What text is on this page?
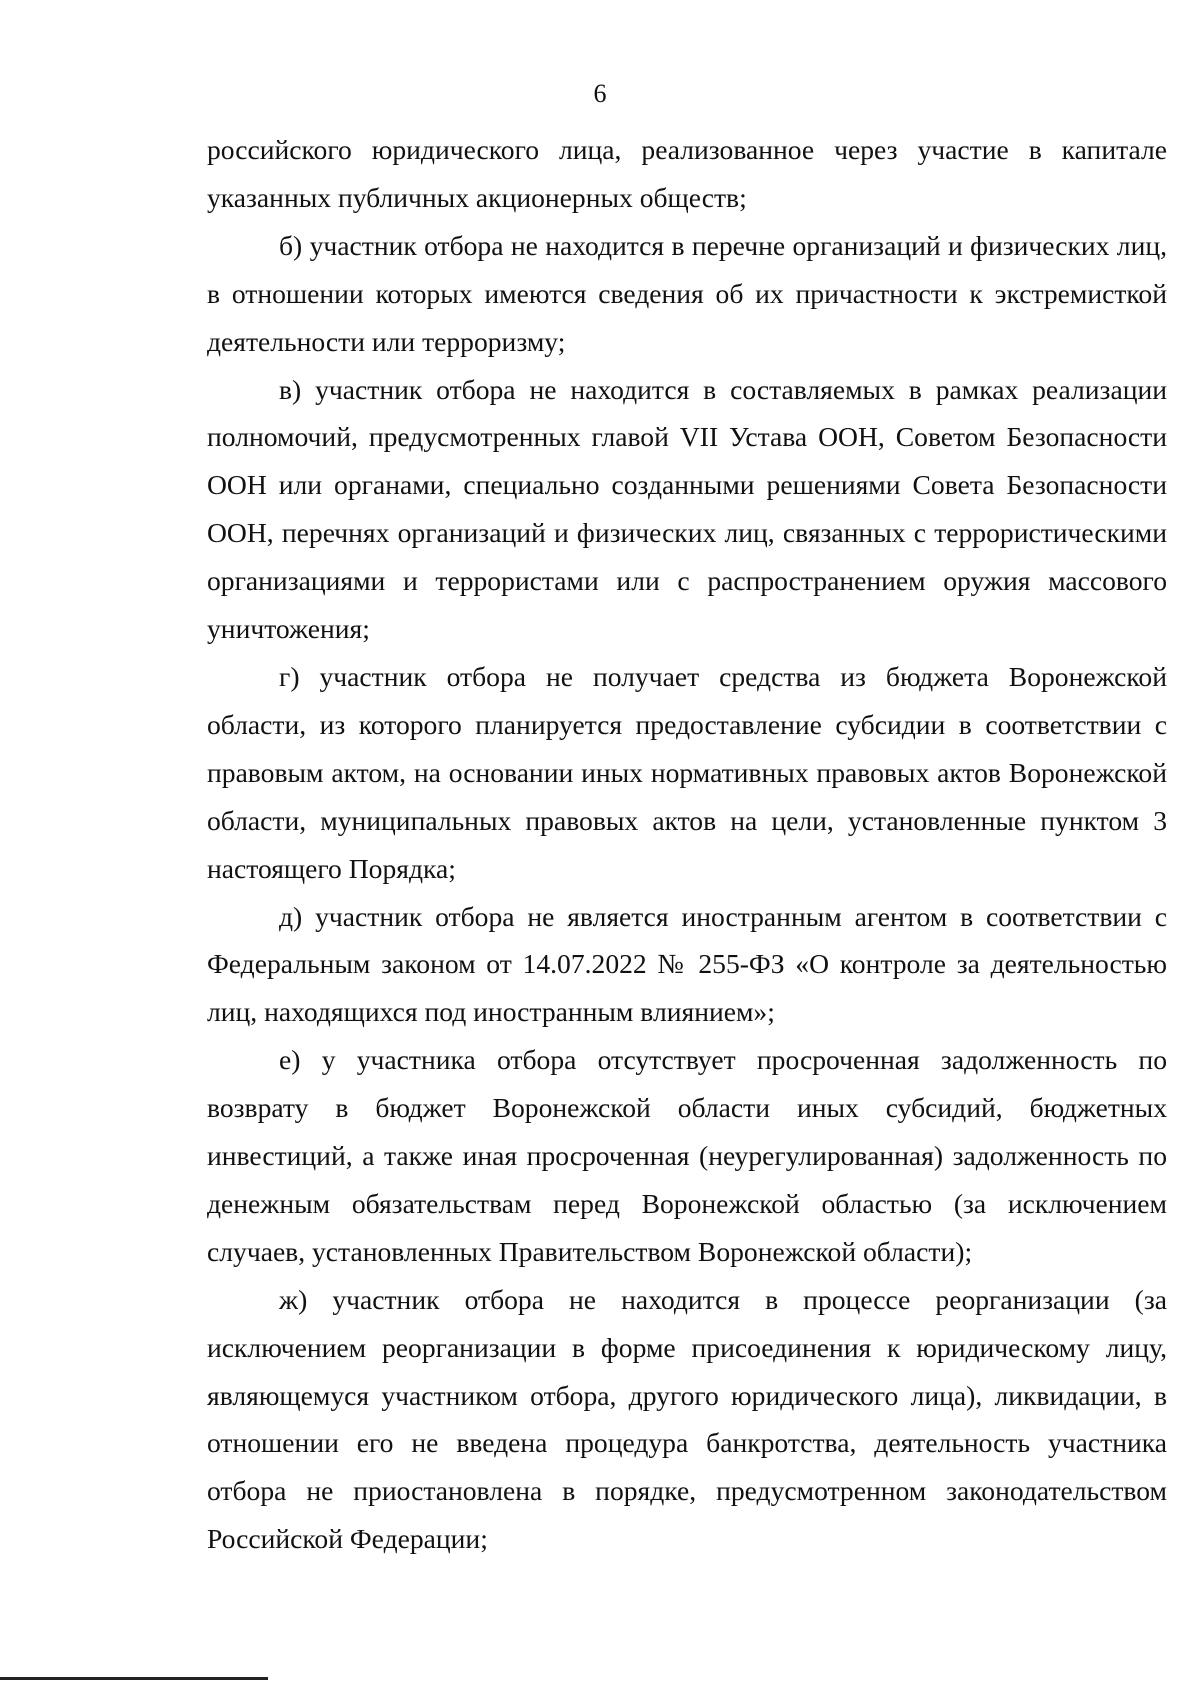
6

российского юридического лица, реализованное через участие в капитале указанных публичных акционерных обществ;

б) участник отбора не находится в перечне организаций и физических лиц, в отношении которых имеются сведения об их причастности к экстремисткой деятельности или терроризму;

в) участник отбора не находится в составляемых в рамках реализации полномочий, предусмотренных главой VII Устава ООН, Советом Безопасности ООН или органами, специально созданными решениями Совета Безопасности ООН, перечнях организаций и физических лиц, связанных с террористическими организациями и террористами или с распространением оружия массового уничтожения;

г) участник отбора не получает средства из бюджета Воронежской области, из которого планируется предоставление субсидии в соответствии с правовым актом, на основании иных нормативных правовых актов Воронежской области, муниципальных правовых актов на цели, установленные пунктом 3 настоящего Порядка;

д) участник отбора не является иностранным агентом в соответствии с Федеральным законом от 14.07.2022 № 255-ФЗ «О контроле за деятельностью лиц, находящихся под иностранным влиянием»;

е) у участника отбора отсутствует просроченная задолженность по возврату в бюджет Воронежской области иных субсидий, бюджетных инвестиций, а также иная просроченная (неурегулированная) задолженность по денежным обязательствам перед Воронежской областью (за исключением случаев, установленных Правительством Воронежской области);

ж) участник отбора не находится в процессе реорганизации (за исключением реорганизации в форме присоединения к юридическому лицу, являющемуся участником отбора, другого юридического лица), ликвидации, в отношении его не введена процедура банкротства, деятельность участника отбора не приостановлена в порядке, предусмотренном законодательством Российской Федерации;
